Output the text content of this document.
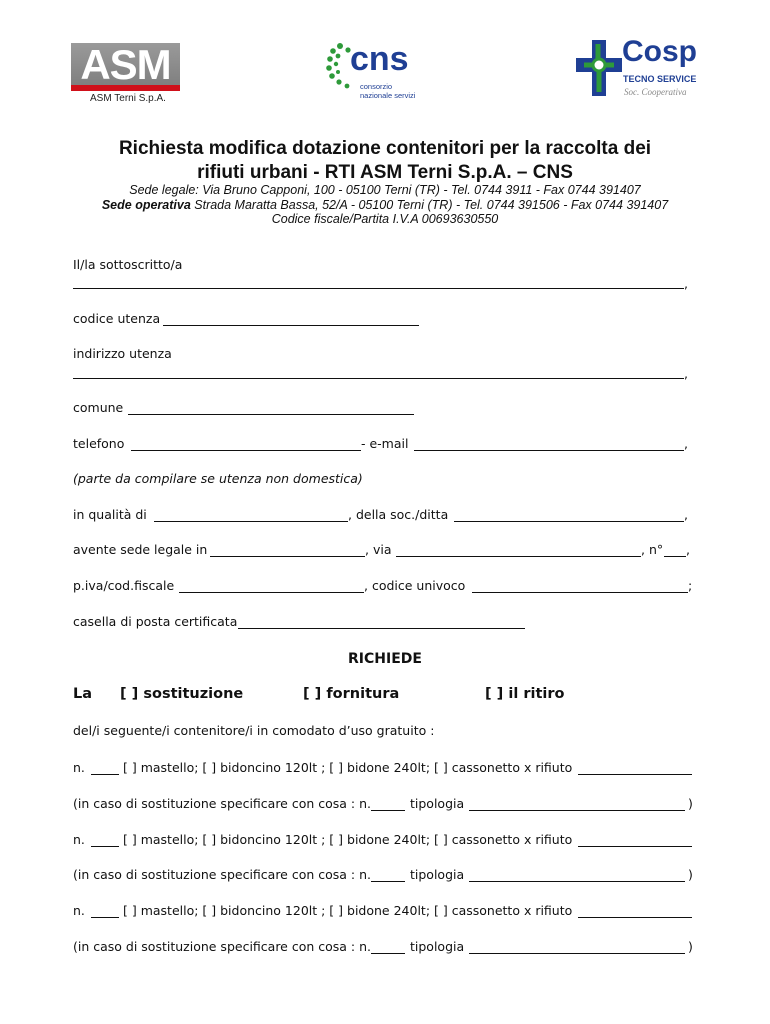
ASM
ASM Terni S.p.A.
cns
consorzio nazionale servizi
Cosp
TECNO SERVICE
Soc. Cooperativa
Richiesta modifica dotazione contenitori per la raccolta dei
rifiuti urbani - RTI ASM Terni S.p.A. – CNS
Sede legale: Via Bruno Capponi, 100 - 05100 Terni (TR) - Tel. 0744 3911 - Fax 0744 391407
Sede operativa Strada Maratta Bassa, 52/A - 05100 Terni (TR) - Tel. 0744 391506 - Fax 0744 391407
Codice fiscale/Partita I.V.A 00693630550
Il/la sottoscritto/a
,
codice utenza
indirizzo utenza
,
comune
telefono	- e-mail	,
(parte da compilare se utenza non domestica)
in qualità di	, della soc./ditta	,
avente sede legale in	, via	, n° ,
p.iva/cod.fiscale	, codice univoco	;
casella di posta certificata
RICHIEDE
La [ ] sostituzione	[ ] fornitura	[ ] il ritiro
del/i seguente/i contenitore/i in comodato d’uso gratuito :
n.	[ ] mastello; [ ] bidoncino 120lt ; [ ] bidone 240lt; [ ] cassonetto x rifiuto
(in caso di sostituzione specificare con cosa : n.	tipologia	)
n.	[ ] mastello; [ ] bidoncino 120lt ; [ ] bidone 240lt; [ ] cassonetto x rifiuto
(in caso di sostituzione specificare con cosa : n.	tipologia	)
n.	[ ] mastello; [ ] bidoncino 120lt ; [ ] bidone 240lt; [ ] cassonetto x rifiuto
(in caso di sostituzione specificare con cosa : n.	tipologia	)
